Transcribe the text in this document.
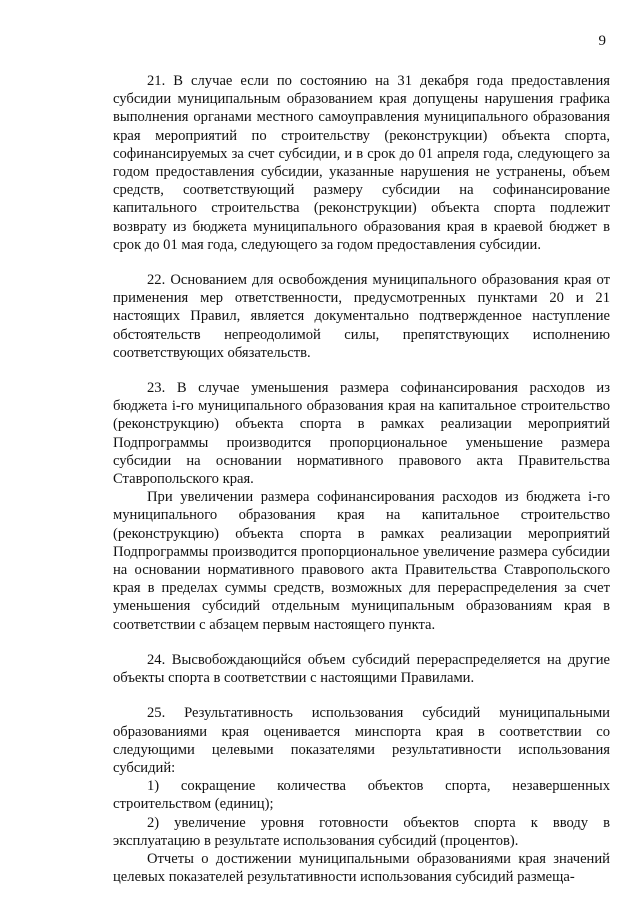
9

21. В случае если по состоянию на 31 декабря года предоставления субсидии муниципальным образованием края допущены нарушения графика выполнения органами местного самоуправления муниципального образования края мероприятий по строительству (реконструкции) объекта спорта, софинансируемых за счет субсидии, и в срок до 01 апреля года, следующего за годом предоставления субсидии, указанные нарушения не устранены, объем средств, соответствующий размеру субсидии на софинансирование капитального строительства (реконструкции) объекта спорта подлежит возврату из бюджета муниципального образования края в краевой бюджет в срок до 01 мая года, следующего за годом предоставления субсидии.

22. Основанием для освобождения муниципального образования края от применения мер ответственности, предусмотренных пунктами 20 и 21 настоящих Правил, является документально подтвержденное наступление обстоятельств непреодолимой силы, препятствующих исполнению соответствующих обязательств.

23. В случае уменьшения размера софинансирования расходов из бюджета i-го муниципального образования края на капитальное строительство (реконструкцию) объекта спорта в рамках реализации мероприятий Подпрограммы производится пропорциональное уменьшение размера субсидии на основании нормативного правового акта Правительства Ставропольского края.

При увеличении размера софинансирования расходов из бюджета i-го муниципального образования края на капитальное строительство (реконструкцию) объекта спорта в рамках реализации мероприятий Подпрограммы производится пропорциональное увеличение размера субсидии на основании нормативного правового акта Правительства Ставропольского края в пределах суммы средств, возможных для перераспределения за счет уменьшения субсидий отдельным муниципальным образованиям края в соответствии с абзацем первым настоящего пункта.

24. Высвобождающийся объем субсидий перераспределяется на другие объекты спорта в соответствии с настоящими Правилами.

25. Результативность использования субсидий муниципальными образованиями края оценивается минспорта края в соответствии со следующими целевыми показателями результативности использования субсидий:

1) сокращение количества объектов спорта, незавершенных строительством (единиц);

2) увеличение уровня готовности объектов спорта к вводу в эксплуатацию в результате использования субсидий (процентов).

Отчеты о достижении муниципальными образованиями края значений целевых показателей результативности использования субсидий размеща-
